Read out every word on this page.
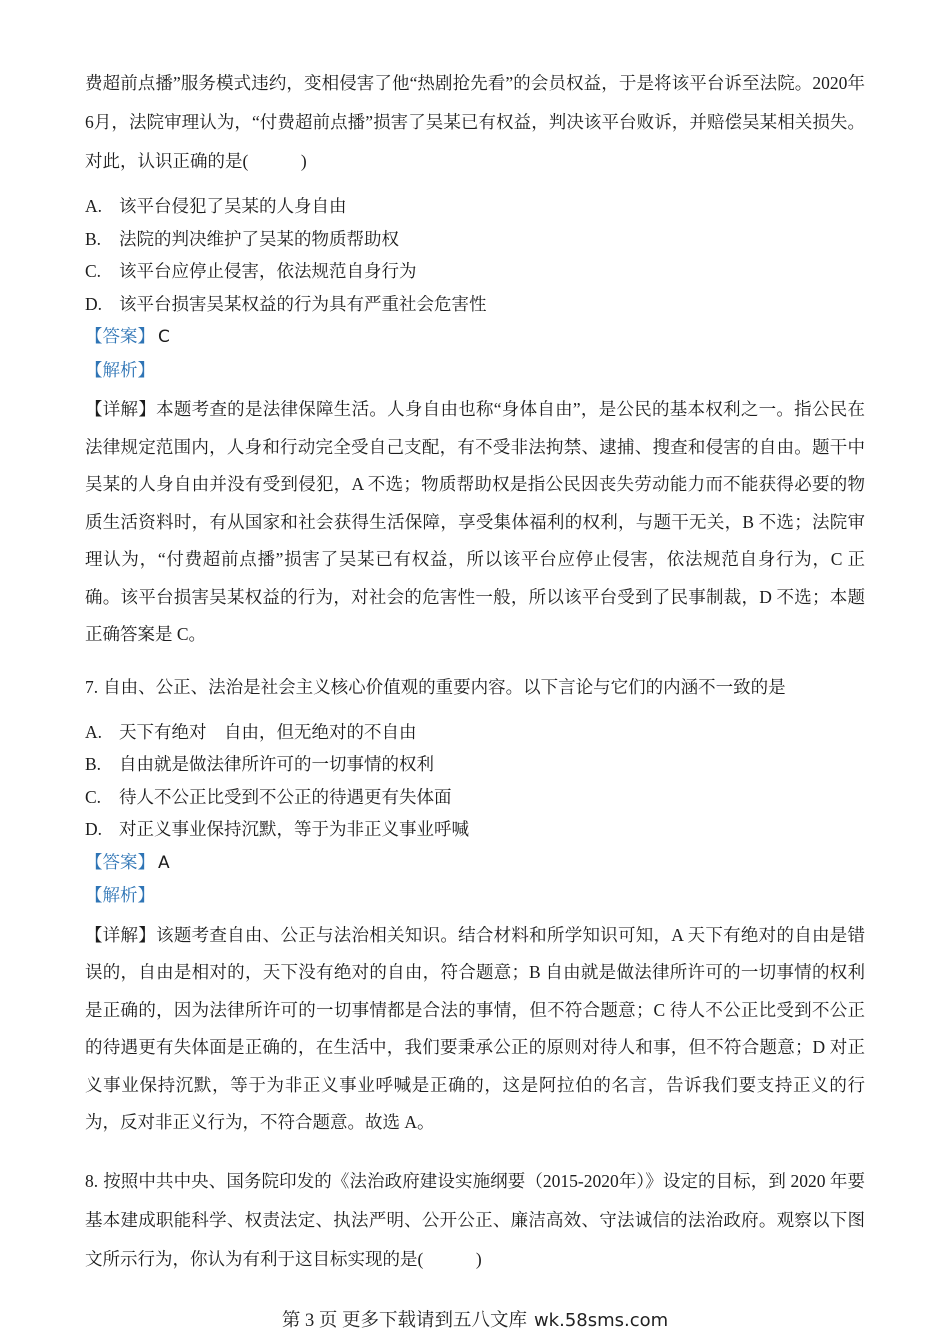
费超前点播”服务模式违约，变相侵害了他“热剧抢先看”的会员权益，于是将该平台诉至法院。2020年6月，法院审理认为，“付费超前点播”损害了吴某已有权益，判决该平台败诉，并赔偿吴某相关损失。对此，认识正确的是(　　　)

A. 该平台侵犯了吴某的人身自由
B. 法院的判决维护了吴某的物质帮助权
C. 该平台应停止侵害，依法规范自身行为
D. 该平台损害吴某权益的行为具有严重社会危害性
【答案】 C
【解析】

【详解】本题考查的是法律保障生活。人身自由也称“身体自由”，是公民的基本权利之一。指公民在法律规定范围内，人身和行动完全受自己支配，有不受非法拘禁、逮捕、搜查和侵害的自由。题干中吴某的人身自由并没有受到侵犯，A 不选；物质帮助权是指公民因丧失劳动能力而不能获得必要的物质生活资料时，有从国家和社会获得生活保障，享受集体福利的权利，与题干无关，B 不选；法院审理认为，“付费超前点播”损害了吴某已有权益，所以该平台应停止侵害，依法规范自身行为，C 正确。该平台损害吴某权益的行为，对社会的危害性一般，所以该平台受到了民事制裁，D 不选；本题正确答案是 C。

7. 自由、公正、法治是社会主义核心价值观的重要内容。以下言论与它们的内涵不一致的是

A. 天下有绝对　自由，但无绝对的不自由
B. 自由就是做法律所许可的一切事情的权利
C. 待人不公正比受到不公正的待遇更有失体面
D. 对正义事业保持沉默，等于为非正义事业呼喊
【答案】 A
【解析】

【详解】该题考查自由、公正与法治相关知识。结合材料和所学知识可知，A 天下有绝对的自由是错误的，自由是相对的，天下没有绝对的自由，符合题意；B 自由就是做法律所许可的一切事情的权利是正确的，因为法律所许可的一切事情都是合法的事情，但不符合题意；C 待人不公正比受到不公正的待遇更有失体面是正确的，在生活中，我们要秉承公正的原则对待人和事，但不符合题意；D 对正义事业保持沉默，等于为非正义事业呼喊是正确的，这是阿拉伯的名言，告诉我们要支持正义的行为，反对非正义行为，不符合题意。故选 A。

8. 按照中共中央、国务院印发的《法治政府建设实施纲要（2015-2020年）》设定的目标，到 2020 年要基本建成职能科学、权责法定、执法严明、公开公正、廉洁高效、守法诚信的法治政府。观察以下图文所示行为，你认为有利于这目标实现的是(　　　)

第 3 页 更多下载请到五八文库 wk.58sms.com
